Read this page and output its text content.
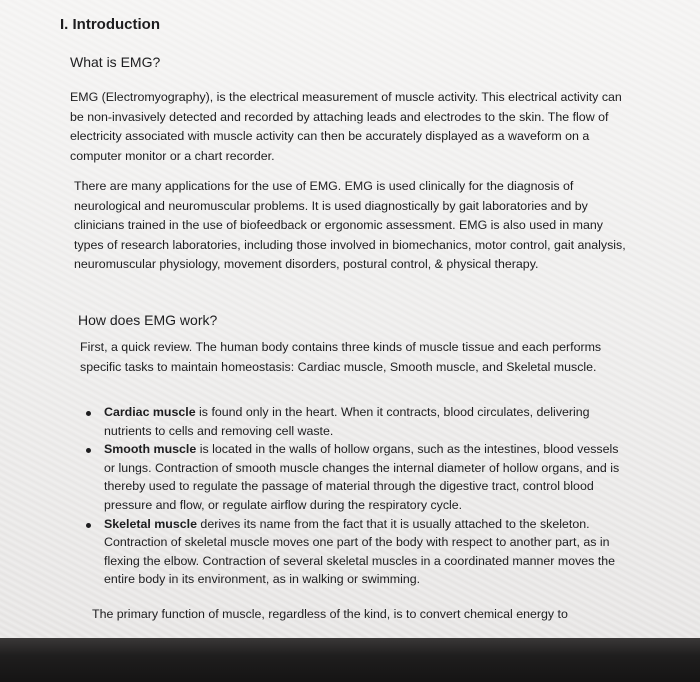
I. Introduction
What is EMG?
EMG (Electromyography), is the electrical measurement of muscle activity. This electrical activity can be non-invasively detected and recorded by attaching leads and electrodes to the skin. The flow of electricity associated with muscle activity can then be accurately displayed as a waveform on a computer monitor or a chart recorder.
There are many applications for the use of EMG. EMG is used clinically for the diagnosis of neurological and neuromuscular problems. It is used diagnostically by gait laboratories and by clinicians trained in the use of biofeedback or ergonomic assessment. EMG is also used in many types of research laboratories, including those involved in biomechanics, motor control, gait analysis, neuromuscular physiology, movement disorders, postural control, & physical therapy.
How does EMG work?
First, a quick review. The human body contains three kinds of muscle tissue and each performs specific tasks to maintain homeostasis: Cardiac muscle, Smooth muscle, and Skeletal muscle.
Cardiac muscle is found only in the heart. When it contracts, blood circulates, delivering nutrients to cells and removing cell waste.
Smooth muscle is located in the walls of hollow organs, such as the intestines, blood vessels or lungs. Contraction of smooth muscle changes the internal diameter of hollow organs, and is thereby used to regulate the passage of material through the digestive tract, control blood pressure and flow, or regulate airflow during the respiratory cycle.
Skeletal muscle derives its name from the fact that it is usually attached to the skeleton. Contraction of skeletal muscle moves one part of the body with respect to another part, as in flexing the elbow. Contraction of several skeletal muscles in a coordinated manner moves the entire body in its environment, as in walking or swimming.
The primary function of muscle, regardless of the kind, is to convert chemical energy to
